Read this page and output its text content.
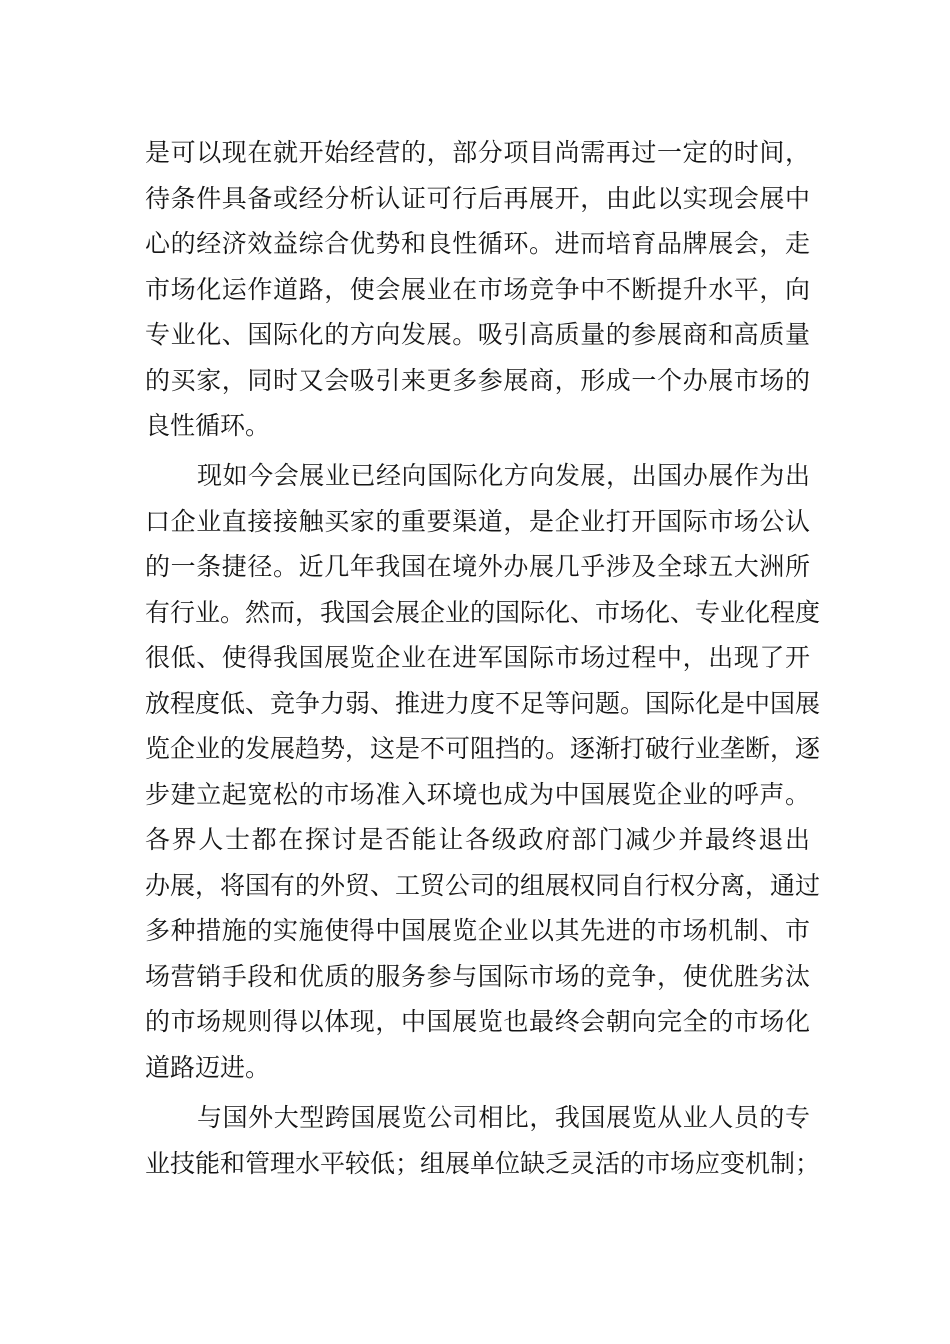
是可以现在就开始经营的，部分项目尚需再过一定的时间，
待条件具备或经分析认证可行后再展开，由此以实现会展中
心的经济效益综合优势和良性循环。进而培育品牌展会，走
市场化运作道路，使会展业在市场竞争中不断提升水平，向
专业化、国际化的方向发展。吸引高质量的参展商和高质量
的买家，同时又会吸引来更多参展商，形成一个办展市场的
良性循环。
现如今会展业已经向国际化方向发展，出国办展作为出
口企业直接接触买家的重要渠道，是企业打开国际市场公认
的一条捷径。近几年我国在境外办展几乎涉及全球五大洲所
有行业。然而，我国会展企业的国际化、市场化、专业化程度
很低、使得我国展览企业在进军国际市场过程中，出现了开
放程度低、竞争力弱、推进力度不足等问题。国际化是中国展
览企业的发展趋势，这是不可阻挡的。逐渐打破行业垄断，逐
步建立起宽松的市场准入环境也成为中国展览企业的呼声。
各界人士都在探讨是否能让各级政府部门减少并最终退出
办展，将国有的外贸、工贸公司的组展权同自行权分离，通过
多种措施的实施使得中国展览企业以其先进的市场机制、市
场营销手段和优质的服务参与国际市场的竞争，使优胜劣汰
的市场规则得以体现，中国展览也最终会朝向完全的市场化
道路迈进。
与国外大型跨国展览公司相比，我国展览从业人员的专
业技能和管理水平较低；组展单位缺乏灵活的市场应变机制；
